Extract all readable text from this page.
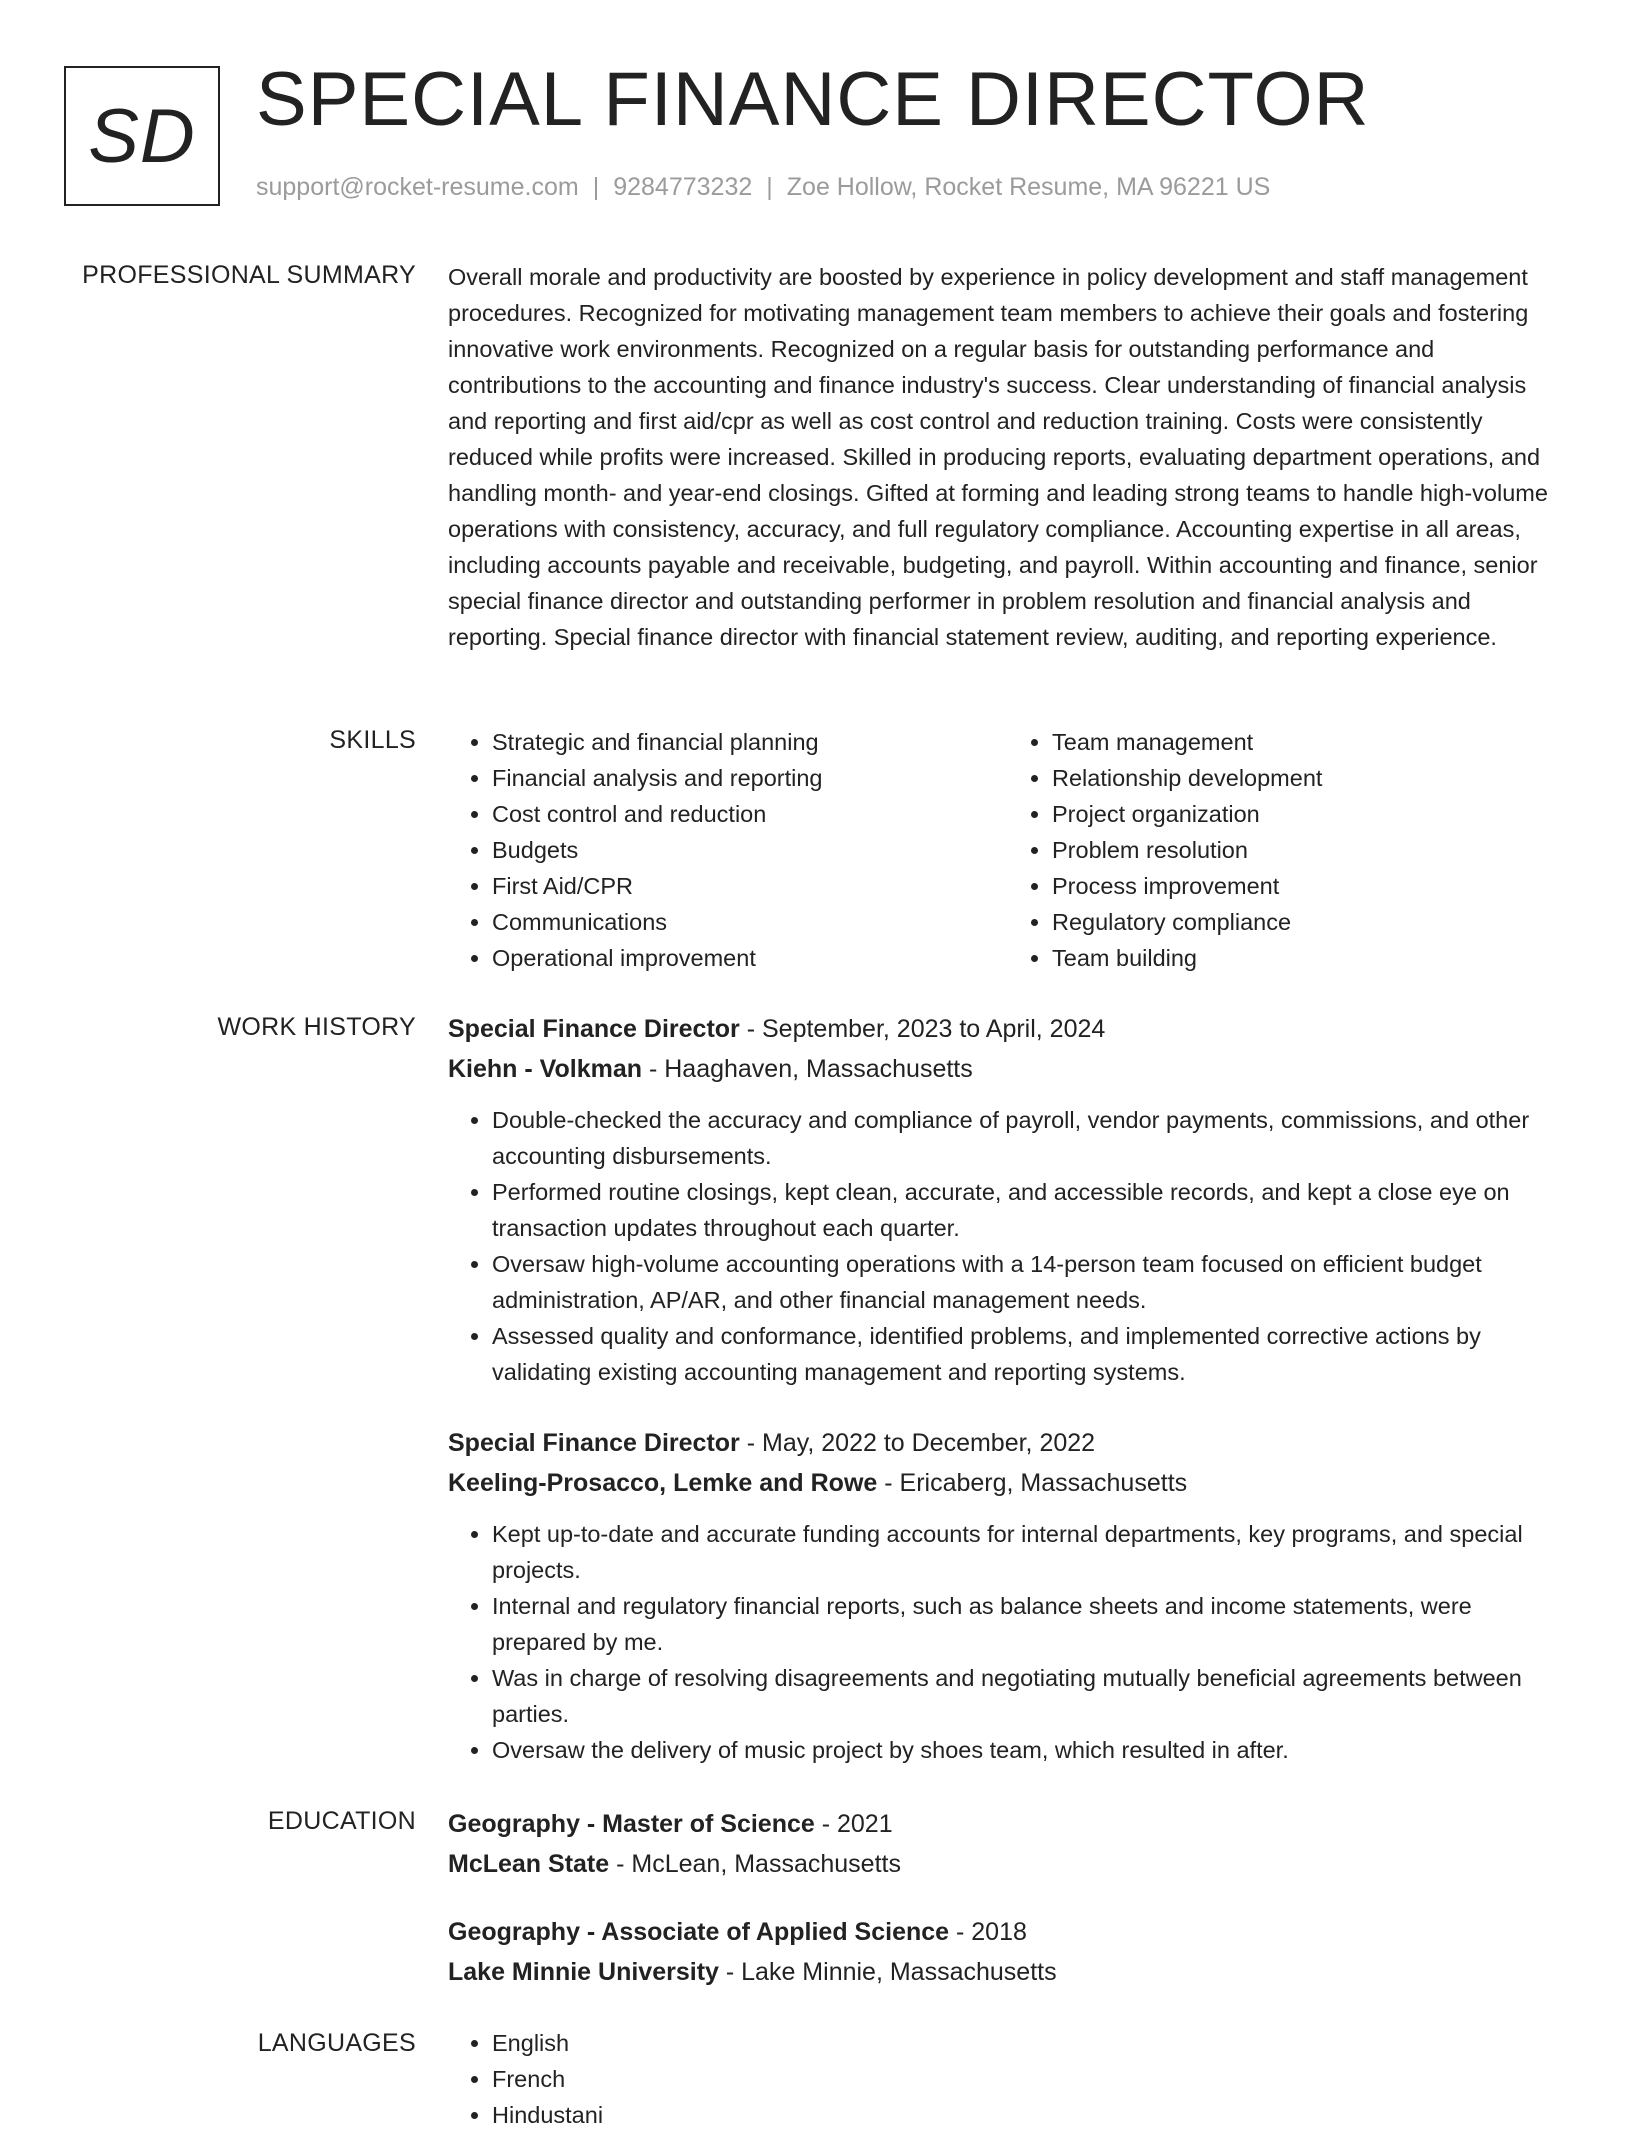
SD SPECIAL FINANCE DIRECTOR
support@rocket-resume.com | 9284773232 | Zoe Hollow, Rocket Resume, MA 96221 US
PROFESSIONAL SUMMARY Overall morale and productivity are boosted by experience in policy development and staff management procedures. Recognized for motivating management team members to achieve their goals and fostering innovative work environments. Recognized on a regular basis for outstanding performance and contributions to the accounting and finance industry's success. Clear understanding of financial analysis and reporting and first aid/cpr as well as cost control and reduction training. Costs were consistently reduced while profits were increased. Skilled in producing reports, evaluating department operations, and handling month- and year-end closings. Gifted at forming and leading strong teams to handle high-volume operations with consistency, accuracy, and full regulatory compliance. Accounting expertise in all areas, including accounts payable and receivable, budgeting, and payroll. Within accounting and finance, senior special finance director and outstanding performer in problem resolution and financial analysis and reporting. Special finance director with financial statement review, auditing, and reporting experience.

SKILLS	• Strategic and financial planning
• Financial analysis and reporting
• Cost control and reduction
• Budgets
• First Aid/CPR
• Communications
• Operational improvement
• Team management
• Relationship development
• Project organization
• Problem resolution
• Process improvement
• Regulatory compliance
• Team building
WORK HISTORY Special Finance Director - September, 2023 to April, 2024
Kiehn - Volkman - Haaghaven, Massachusetts
• Double-checked the accuracy and compliance of payroll, vendor payments, commissions, and other accounting disbursements.
• Performed routine closings, kept clean, accurate, and accessible records, and kept a close eye on transaction updates throughout each quarter.
• Oversaw high-volume accounting operations with a 14-person team focused on efficient budget administration, AP/AR, and other financial management needs.
• Assessed quality and conformance, identified problems, and implemented corrective actions by validating existing accounting management and reporting systems.
Special Finance Director - May, 2022 to December, 2022
Keeling-Prosacco, Lemke and Rowe - Ericaberg, Massachusetts
• Kept up-to-date and accurate funding accounts for internal departments, key programs, and special projects.
• Internal and regulatory financial reports, such as balance sheets and income statements, were prepared by me.
• Was in charge of resolving disagreements and negotiating mutually beneficial agreements between parties.
• Oversaw the delivery of music project by shoes team, which resulted in after.
EDUCATION Geography - Master of Science - 2021
McLean State - McLean, Massachusetts
Geography - Associate of Applied Science - 2018
Lake Minnie University - Lake Minnie, Massachusetts
LANGUAGES	• English
• French
• Hindustani
